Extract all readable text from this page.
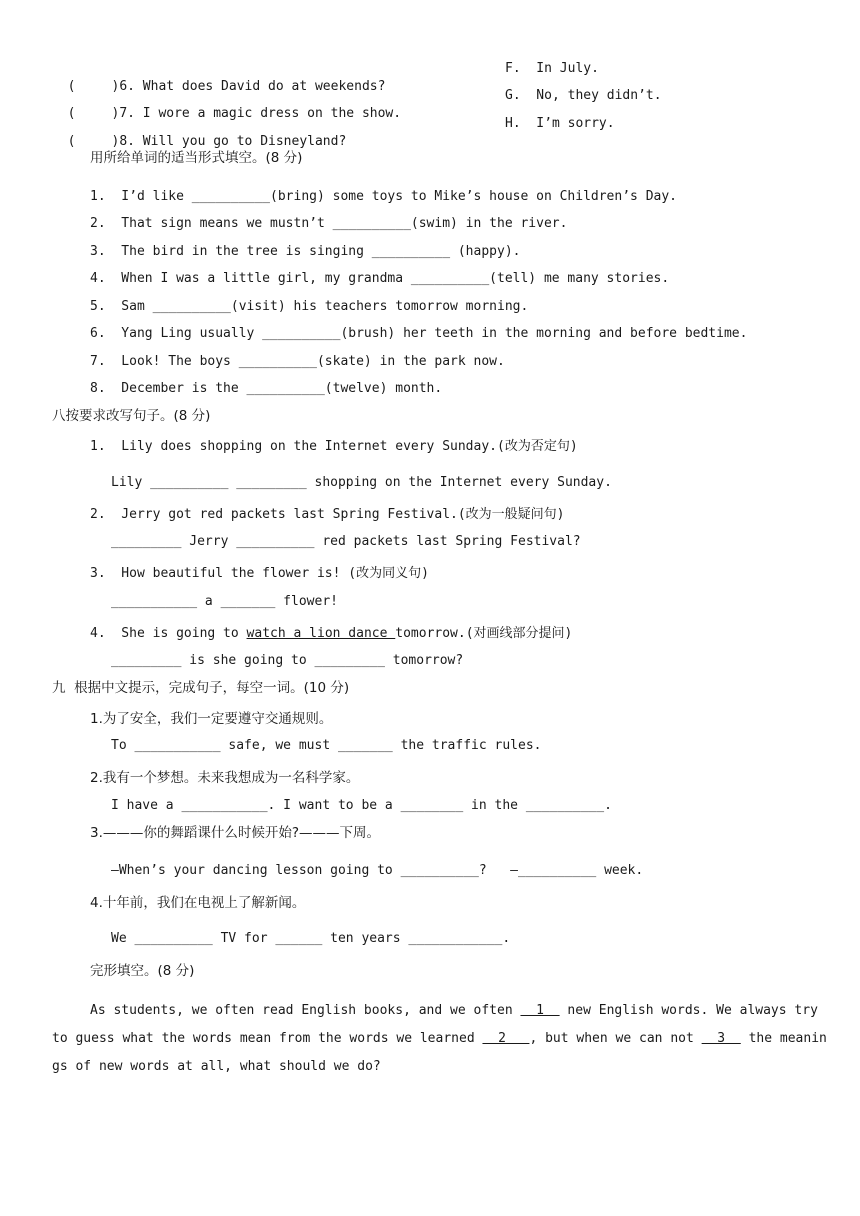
(	)6. What does David do at weekends?

F.  In July.

(	)7. I wore a magic dress on the show.

G.  No, they didn’t.

(	)8. Will you go to Disneyland?

H.  I’m sorry.
用所给单词的适当形式填空。(8 分)
1.  I’d like __________(bring) some toys to Mike’s house on Children’s Day.
2.  That sign means we mustn’t __________(swim) in the river.
3.  The bird in the tree is singing __________ (happy).
4.  When I was a little girl, my grandma __________(tell) me many stories.
5.  Sam __________(visit) his teachers tomorrow morning.
6.  Yang Ling usually __________(brush) her teeth in the morning and before bedtime.
7.  Look! The boys __________(skate) in the park now.
8.  December is the __________(twelve) month.
八按要求改写句子。(8 分)
1.  Lily does shopping on the Internet every Sunday.(改为否定句)
Lily __________ _________ shopping on the Internet every Sunday.
2.  Jerry got red packets last Spring Festival.(改为一般疑问句)
_________ Jerry __________ red packets last Spring Festival?
3.  How beautiful the flower is! (改为同义句)
___________ a _______ flower!
4.  She is going to watch a lion dance tomorrow.(对画线部分提问)
_________ is she going to _________ tomorrow?
九  根据中文提示，完成句子，每空一词。(10 分)
1.为了安全，我们一定要遵守交通规则。
To ___________ safe, we must _______ the traffic rules.
2.我有一个梦想。未来我想成为一名科学家。
I have a ___________. I want to be a ________ in the __________.
3.———你的舞蹈课什么时候开始?———下周。
—When’s your dancing lesson going to __________?   —__________ week.
4.十年前，我们在电视上了解新闻。
We __________ TV for ______ ten years ____________.
完形填空。(8 分)
As students, we often read English books, and we often   1   new English words. We always try
to guess what the words mean from the words we learned   2   , but when we can not   3   the meanin
gs of new words at all, what should we do?
